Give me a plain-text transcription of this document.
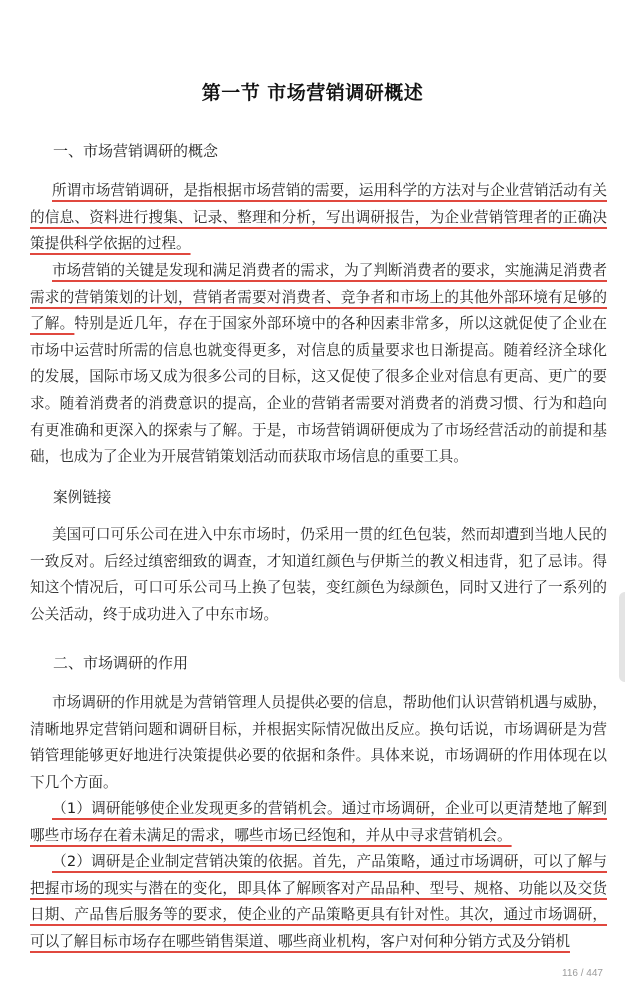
第一节 市场营销调研概述
一、市场营销调研的概念
所谓市场营销调研，是指根据市场营销的需要，运用科学的方法对与企业营销活动有关的信息、资料进行搜集、记录、整理和分析，写出调研报告，为企业营销管理者的正确决策提供科学依据的过程。
市场营销的关键是发现和满足消费者的需求，为了判断消费者的要求，实施满足消费者需求的营销策划的计划，营销者需要对消费者、竞争者和市场上的其他外部环境有足够的了解。特别是近几年，存在于国家外部环境中的各种因素非常多，所以这就促使了企业在市场中运营时所需的信息也就变得更多，对信息的质量要求也日渐提高。随着经济全球化的发展，国际市场又成为很多公司的目标，这又促使了很多企业对信息有更高、更广的要求。随着消费者的消费意识的提高，企业的营销者需要对消费者的消费习惯、行为和趋向有更准确和更深入的探索与了解。于是，市场营销调研便成为了市场经营活动的前提和基础，也成为了企业为开展营销策划活动而获取市场信息的重要工具。
案例链接
美国可口可乐公司在进入中东市场时，仍采用一贯的红色包装，然而却遭到当地人民的一致反对。后经过缜密细致的调查，才知道红颜色与伊斯兰的教义相违背，犯了忌讳。得知这个情况后，可口可乐公司马上换了包装，变红颜色为绿颜色，同时又进行了一系列的公关活动，终于成功进入了中东市场。
二、市场调研的作用
市场调研的作用就是为营销管理人员提供必要的信息，帮助他们认识营销机遇与威胁，清晰地界定营销问题和调研目标，并根据实际情况做出反应。换句话说，市场调研是为营销管理能够更好地进行决策提供必要的依据和条件。具体来说，市场调研的作用体现在以下几个方面。
（1）调研能够使企业发现更多的营销机会。通过市场调研，企业可以更清楚地了解到哪些市场存在着未满足的需求，哪些市场已经饱和，并从中寻求营销机会。
（2）调研是企业制定营销决策的依据。首先，产品策略，通过市场调研，可以了解与把握市场的现实与潜在的变化，即具体了解顾客对产品品种、型号、规格、功能以及交货日期、产品售后服务等的要求，使企业的产品策略更具有针对性。其次，通过市场调研，可以了解目标市场存在哪些销售渠道、哪些商业机构，客户对何种分销方式及分销机
116 / 447
